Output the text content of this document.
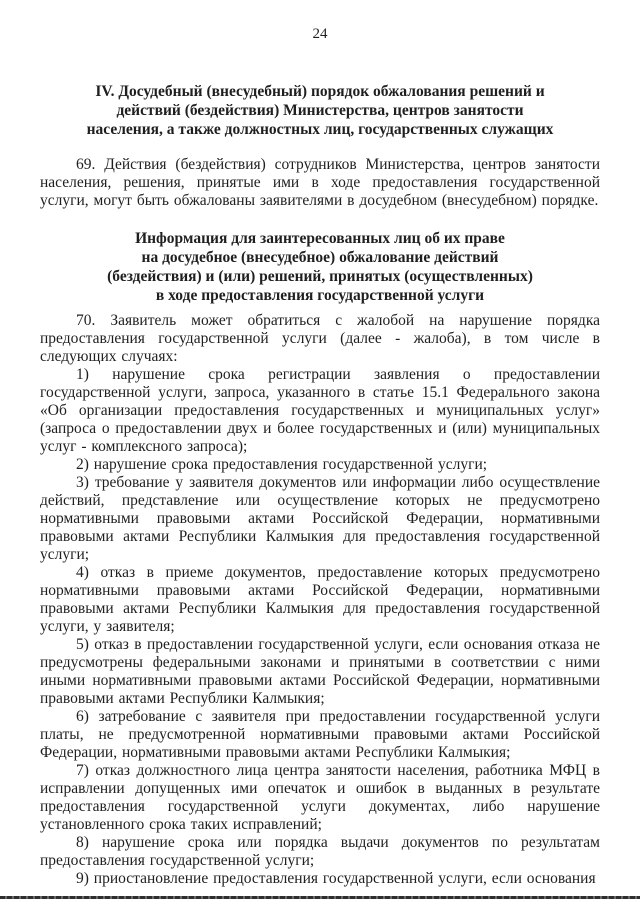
24
IV. Досудебный (внесудебный) порядок обжалования решений и
действий (бездействия) Министерства, центров занятости
населения, а также должностных лиц, государственных служащих

69. Действия (бездействия) сотрудников Министерства, центров занятости населения, решения, принятые ими в ходе предоставления государственной услуги, могут быть обжалованы заявителями в досудебном (внесудебном) порядке.

Информация для заинтересованных лиц об их праве
на досудебное (внесудебное) обжалование действий
(бездействия) и (или) решений, принятых (осуществленных)
в ходе предоставления государственной услуги

70. Заявитель может обратиться с жалобой на нарушение порядка предоставления государственной услуги (далее - жалоба), в том числе в следующих случаях:

1) нарушение срока регистрации заявления о предоставлении государственной услуги, запроса, указанного в статье 15.1 Федерального закона «Об организации предоставления государственных и муниципальных услуг» (запроса о предоставлении двух и более государственных и (или) муниципальных услуг - комплексного запроса);

2) нарушение срока предоставления государственной услуги;

3) требование у заявителя документов или информации либо осуществление действий, представление или осуществление которых не предусмотрено нормативными правовыми актами Российской Федерации, нормативными правовыми актами Республики Калмыкия для предоставления государственной услуги;

4) отказ в приеме документов, предоставление которых предусмотрено нормативными правовыми актами Российской Федерации, нормативными правовыми актами Республики Калмыкия для предоставления государственной услуги, у заявителя;

5) отказ в предоставлении государственной услуги, если основания отказа не предусмотрены федеральными законами и принятыми в соответствии с ними иными нормативными правовыми актами Российской Федерации, нормативными правовыми актами Республики Калмыкия;

6) затребование с заявителя при предоставлении государственной услуги платы, не предусмотренной нормативными правовыми актами Российской Федерации, нормативными правовыми актами Республики Калмыкия;

7) отказ должностного лица центра занятости населения, работника МФЦ в исправлении допущенных ими опечаток и ошибок в выданных в результате предоставления государственной услуги документах, либо нарушение установленного срока таких исправлений;

8) нарушение срока или порядка выдачи документов по результатам предоставления государственной услуги;

9) приостановление предоставления государственной услуги, если основания
